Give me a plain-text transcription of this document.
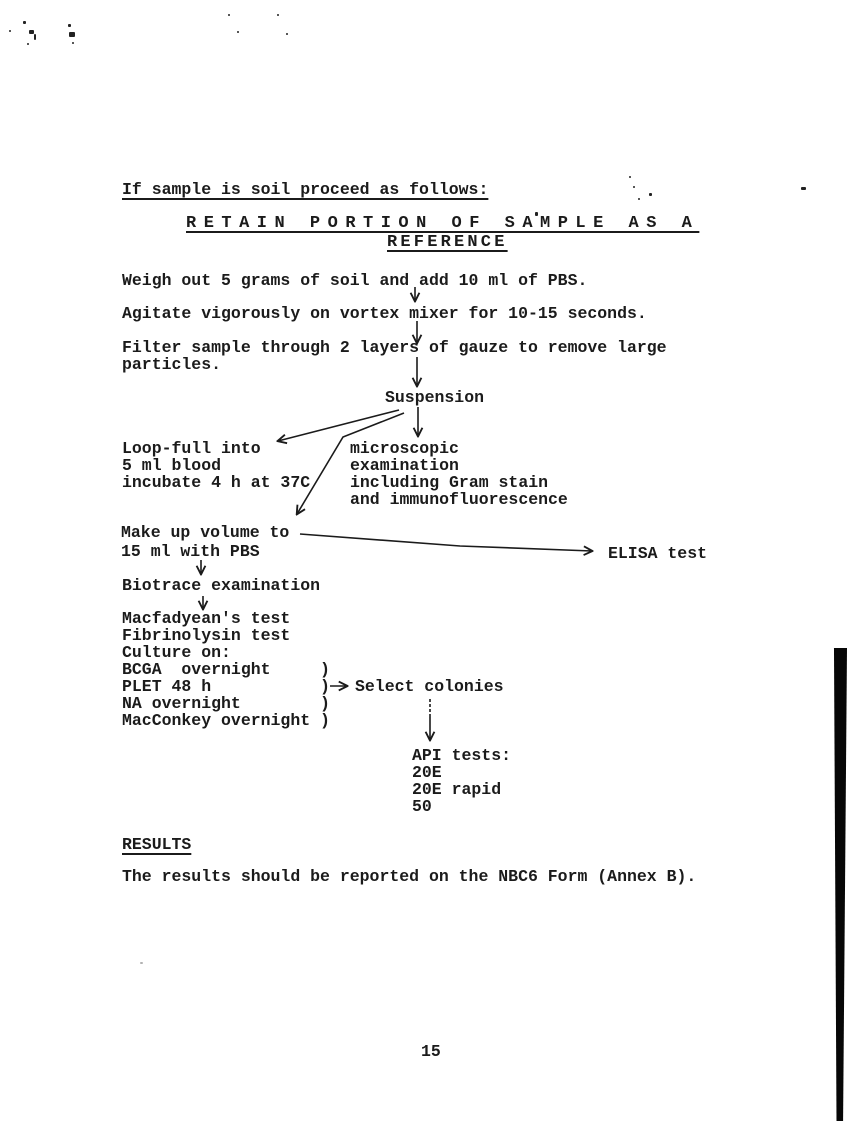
If sample is soil proceed as follows:
RETAIN PORTION OF SAMPLE AS A
REFERENCE
Weigh out 5 grams of soil and add 10 ml of PBS.
Agitate vigorously on vortex mixer for 10-15 seconds.
Filter sample through 2 layers of gauze to remove large
particles.
Suspension
Loop-full into
5 ml blood
incubate 4 h at 37C
microscopic
examination
including Gram stain
and immunofluorescence
Make up volume to
15 ml with PBS	ELISA test
Biotrace examination
Macfadyean's test
Fibrinolysin test
Culture on:
BCGA  overnight	)
PLET 48 h	)
NA overnight	)
MacConkey overnight )
Select colonies
API tests:
20E
20E rapid
50
RESULTS
The results should be reported on the NBC6 Form (Annex B).
15
